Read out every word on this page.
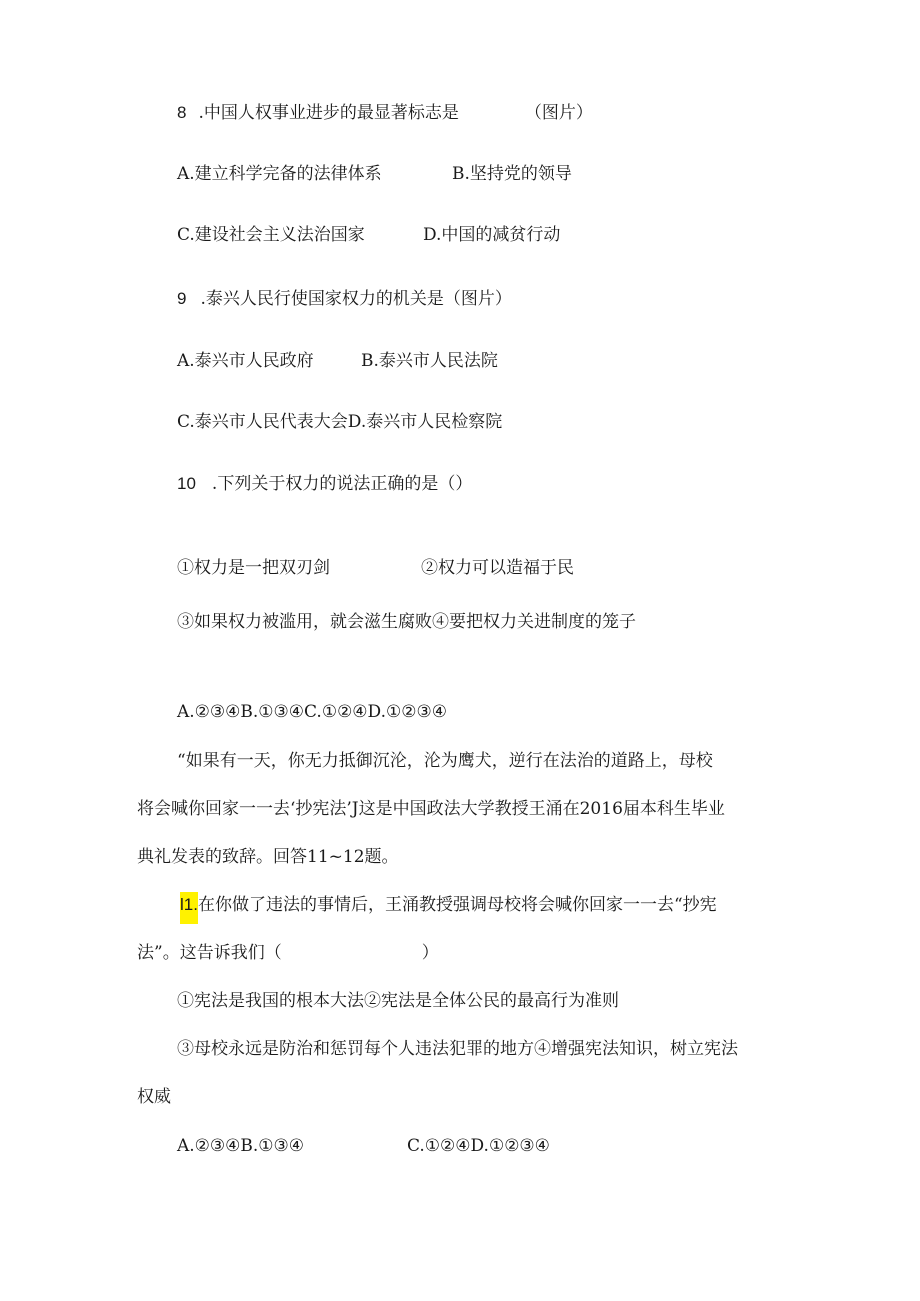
8 .中国人权事业进步的最显著标志是	（图片）
A.建立科学完备的法律体系	B.坚持党的领导
C.建设社会主义法治国家	D.中国的减贫行动
9 .泰兴人民行使国家权力的机关是（图片）
A.泰兴市人民政府	B.泰兴市人民法院
C.泰兴市人民代表大会D.泰兴市人民检察院
10 .下列关于权力的说法正确的是（）
①权力是一把双刃剑	②权力可以造福于民
③如果权力被滥用，就会滋生腐败④要把权力关进制度的笼子
A.②③④B.①③④C.①②④D.①②③④
“如果有一天，你无力抵御沉沦，沦为鹰犬，逆行在法治的道路上，母校
将会喊你回家一一去‘抄宪法’J这是中国政法大学教授王涌在2016届本科生毕业
典礼发表的致辞。回答11~12题。
l1.在你做了违法的事情后，王涌教授强调母校将会喊你回家一一去“抄宪
法”。这告诉我们（	）
①宪法是我国的根本大法②宪法是全体公民的最高行为准则
③母校永远是防治和惩罚每个人违法犯罪的地方④增强宪法知识，树立宪法
权威
A.②③④B.①③④	C.①②④D.①②③④
